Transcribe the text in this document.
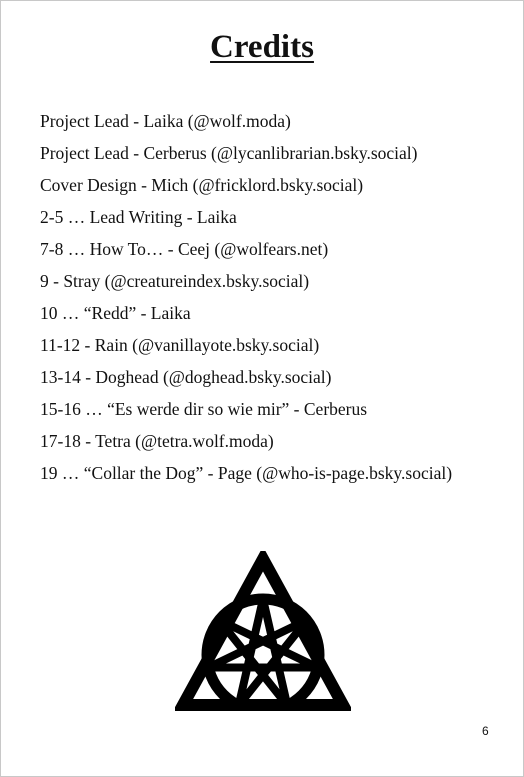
Credits
Project Lead - Laika (@wolf.moda)
Project Lead - Cerberus (@lycanlibrarian.bsky.social)
Cover Design - Mich (@fricklord.bsky.social)
2-5 … Lead Writing - Laika
7-8 … How To… - Ceej (@wolfears.net)
9 - Stray (@creatureindex.bsky.social)
10 … “Redd” - Laika
11-12 - Rain (@vanillayote.bsky.social)
13-14 - Doghead (@doghead.bsky.social)
15-16 … “Es werde dir so wie mir” - Cerberus
17-18 - Tetra (@tetra.wolf.moda)
19 … “Collar the Dog” - Page (@who-is-page.bsky.social)
6
